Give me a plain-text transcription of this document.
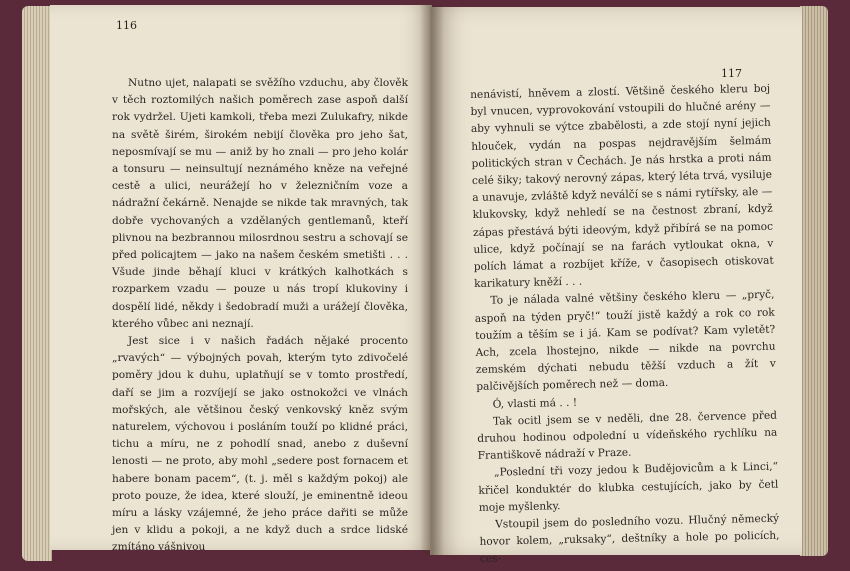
116

Nutno ujet, nalapati se svěžího vzduchu, aby člověk v těch roztomilých našich poměrech zase aspoň další rok vydržel. Ujeti kamkoli, třeba mezi Zulukafry, nikde na světě širém, širokém nebijí člověka pro jeho šat, neposmívají se mu — aniž by ho znali — pro jeho kolár a tonsuru — neinsultují neznámého kněze na veřejné cestě a ulici, neurážejí ho v železničním voze a nádražní čekárně. Nenajde se nikde tak mravných, tak dobře vychovaných a vzdělaných gentlemanů, kteří plivnou na bezbrannou milosrdnou sestru a schovají se před policajtem — jako na našem českém smetišti . . . Všude jinde běhají kluci v krátkých kalhotkách s rozparkem vzadu — pouze u nás tropí klukoviny i dospělí lidé, někdy i šedobradí muži a urážejí člověka, kterého vůbec ani neznají.

Jest sice i v našich řadách nějaké procento „rvavých“ — výbojných povah, kterým tyto zdivočelé poměry jdou k duhu, uplatňují se v tomto prostředí, daří se jim a rozvíjejí se jako ostnokožci ve vlnách mořských, ale většinou český venkovský kněz svým naturelem, výchovou i posláním touží po klidné práci, tichu a míru, ne z pohodlí snad, anebo z duševní lenosti — ne proto, aby mohl „sedere post fornacem et habere bonam pacem“, (t. j. měl s každým pokoj) ale proto pouze, že idea, které slouží, je eminentně ideou míru a lásky vzájemné, že jeho práce dařiti se může jen v klidu a pokoji, a ne když duch a srdce lidské zmítáno vášnivou

117

nenávistí, hněvem a zlostí. Většině českého kleru boj byl vnucen, vyprovokování vstoupili do hlučné arény — aby vyhnuli se výtce zbabělosti, a zde stojí nyní jejich hlouček, vydán na pospas nejdravějším šelmám politických stran v Čechách. Je nás hrstka a proti nám celé šiky; takový nerovný zápas, který léta trvá, vysiluje a unavuje, zvláště když neválčí se s námi rytířsky, ale — klukovsky, když nehledí se na čestnost zbraní, když zápas přestává býti ideovým, když přibírá se na pomoc ulice, když počínají se na farách vytloukat okna, v polích lámat a rozbíjet kříže, v časopisech otiskovat karikatury kněží . . .

To je nálada valné většiny českého kleru — „pryč, aspoň na týden pryč!“ touží jistě každý a rok co rok toužím a těším se i já. Kam se podívat? Kam vyletět? Ach, zcela lhostejno, nikde — nikde na povrchu zemském dýchati nebudu těžší vzduch a žít v palčivějších poměrech než — doma.

Ó, vlasti má . . !

Tak ocitl jsem se v neděli, dne 28. července před druhou hodinou odpolední u vídeňského rychlíku na Františkově nádraží v Praze.

„Poslední tři vozy jedou k Budějovicům a k Linci,“ křičel konduktér do klubka cestujících, jako by četl moje myšlenky.

Vstoupil jsem do posledního vozu. Hlučný německý hovor kolem, „ruksaky“, deštníky a hole po policích, ces-
